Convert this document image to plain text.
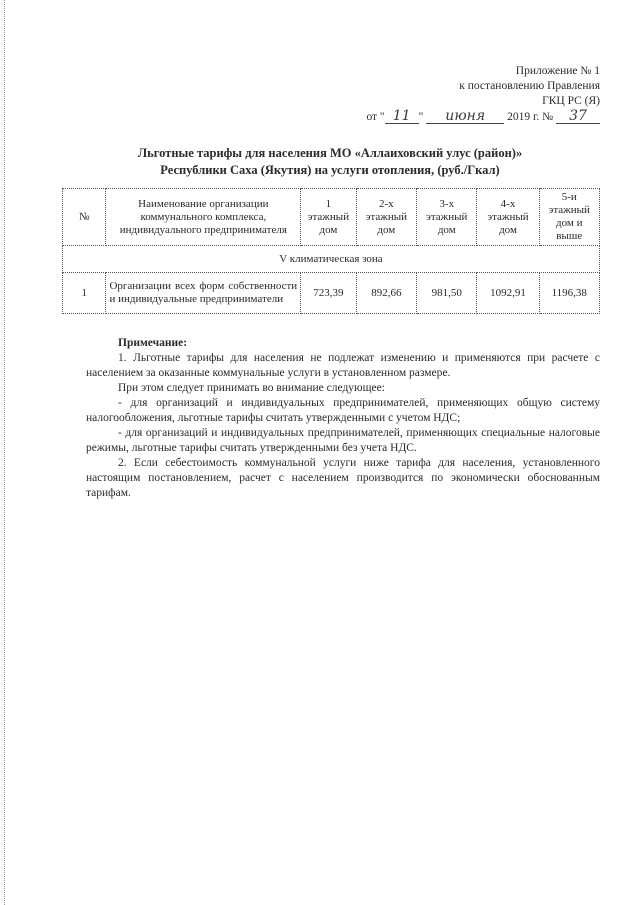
Приложение № 1
к постановлению Правления
ГКЦ РС (Я)
от " 11 " июня 2019 г. № 37
Льготные тарифы для населения МО «Аллаиховский улус (район)»
Республики Саха (Якутия) на услуги отопления, (руб./Гкал)
№	Наименование организации коммунального комплекса, индивидуального предпринимателя	1 этажный дом	2-х этажный дом	3-х этажный дом	4-х этажный дом	5-и этажный дом и выше
V климатическая зона						
1	Организации всех форм собственности и индивидуальные предприниматели	723,39	892,66	981,50	1092,91	1196,38

Примечание:

1. Льготные тарифы для населения не подлежат изменению и применяются при расчете с населением за оказанные коммунальные услуги в установленном размере.

При этом следует принимать во внимание следующее:

- для организаций и индивидуальных предпринимателей, применяющих общую систему налогообложения, льготные тарифы считать утвержденными с учетом НДС;

- для организаций и индивидуальных предпринимателей, применяющих специальные налоговые режимы, льготные тарифы считать утвержденными без учета НДС.

2. Если себестоимость коммунальной услуги ниже тарифа для населения, установленного настоящим постановлением, расчет с населением производится по экономически обоснованным тарифам.
